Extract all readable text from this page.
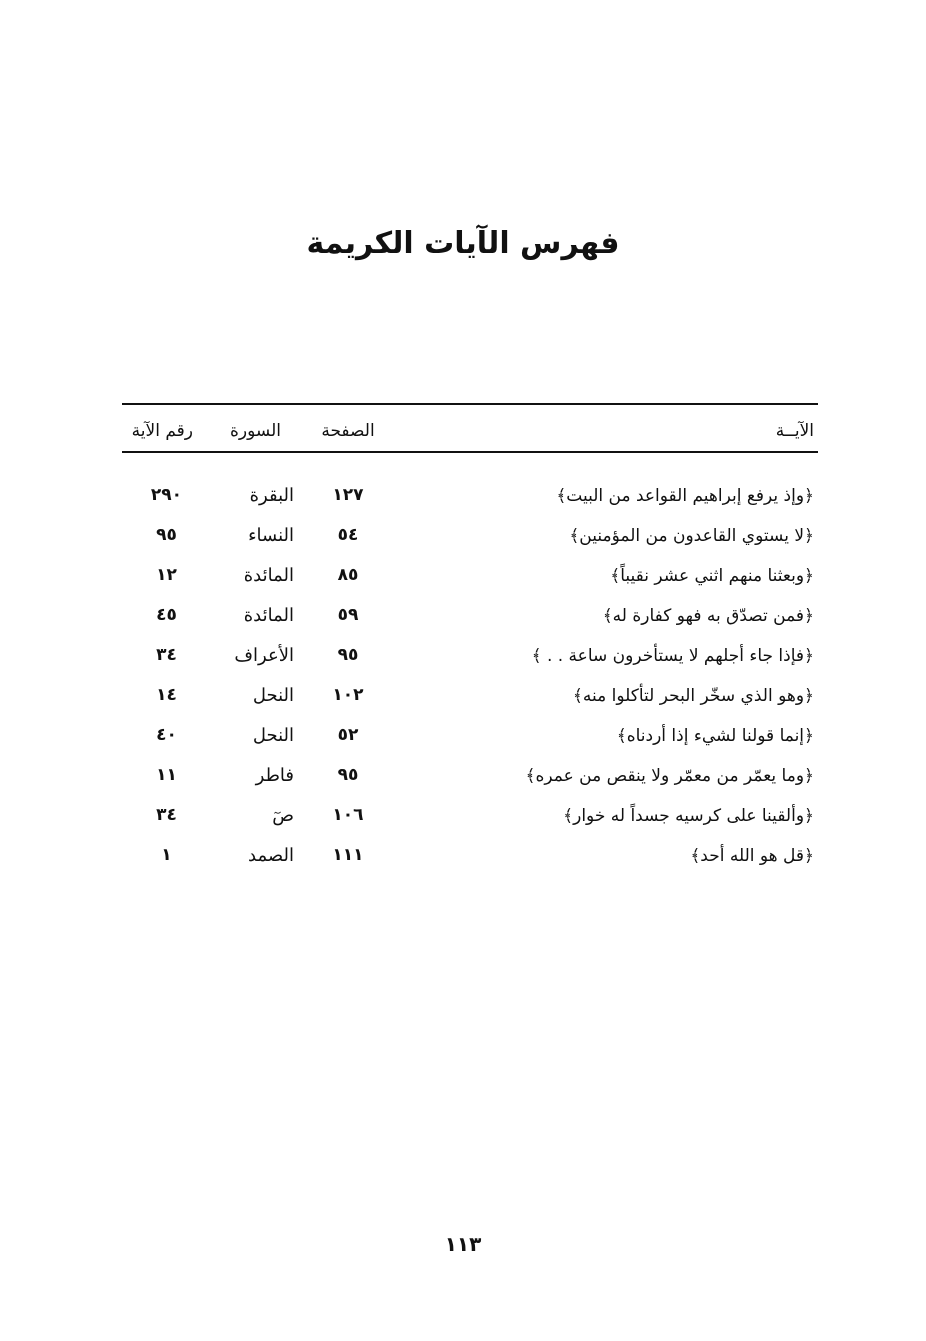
فهرس الآيات الكريمة
الآيــة
الصفحة
السورة
رقم الآية
﴿وإذ يرفع إبراهيم القواعد من البيت﴾
١٢٧
البقرة
٢٩٠
﴿لا يستوي القاعدون من المؤمنين﴾
٥٤
النساء
٩٥
﴿وبعثنا منهم اثني عشر نقيباً﴾
٨٥
المائدة
١٢
﴿فمن تصدّق به فهو كفارة له﴾
٥٩
المائدة
٤٥
﴿فإذا جاء أجلهم لا يستأخرون ساعة . . ﴾
٩٥
الأعراف
٣٤
﴿وهو الذي سخّر البحر لتأكلوا منه﴾
١٠٢
النحل
١٤
﴿إنما قولنا لشيء إذا أردناه﴾
٥٢
النحل
٤٠
﴿وما يعمّر من معمّر ولا ينقص من عمره﴾
٩٥
فاطر
١١
﴿وألقينا على كرسيه جسداً له خوار﴾
١٠٦
صٓ
٣٤
﴿قل هو الله أحد﴾
١١١
الصمد
١
١١٣
